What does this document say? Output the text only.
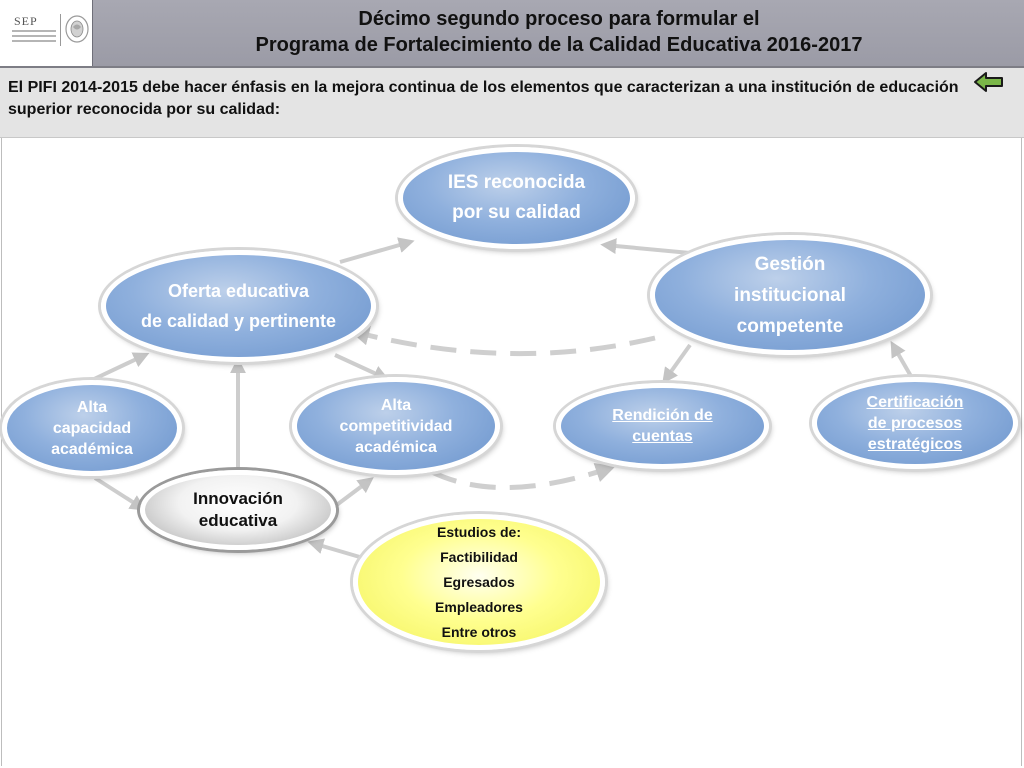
SEP	Décimo segundo proceso para formular el
Programa de Fortalecimiento de la Calidad Educativa 2016-2017
El PIFI 2014-2015 debe hacer énfasis en la mejora continua de los elementos que caracterizan a una institución de educación superior reconocida por su calidad:
IES reconocida
por su calidad
Oferta educativa
de calidad y pertinente
Gestión
institucional
competente
Alta
capacidad
académica
Alta
competitividad
académica
Innovación
educativa
Rendición de
cuentas
Certificación
de procesos
estratégicos
Estudios de:
Factibilidad
Egresados
Empleadores
Entre otros
